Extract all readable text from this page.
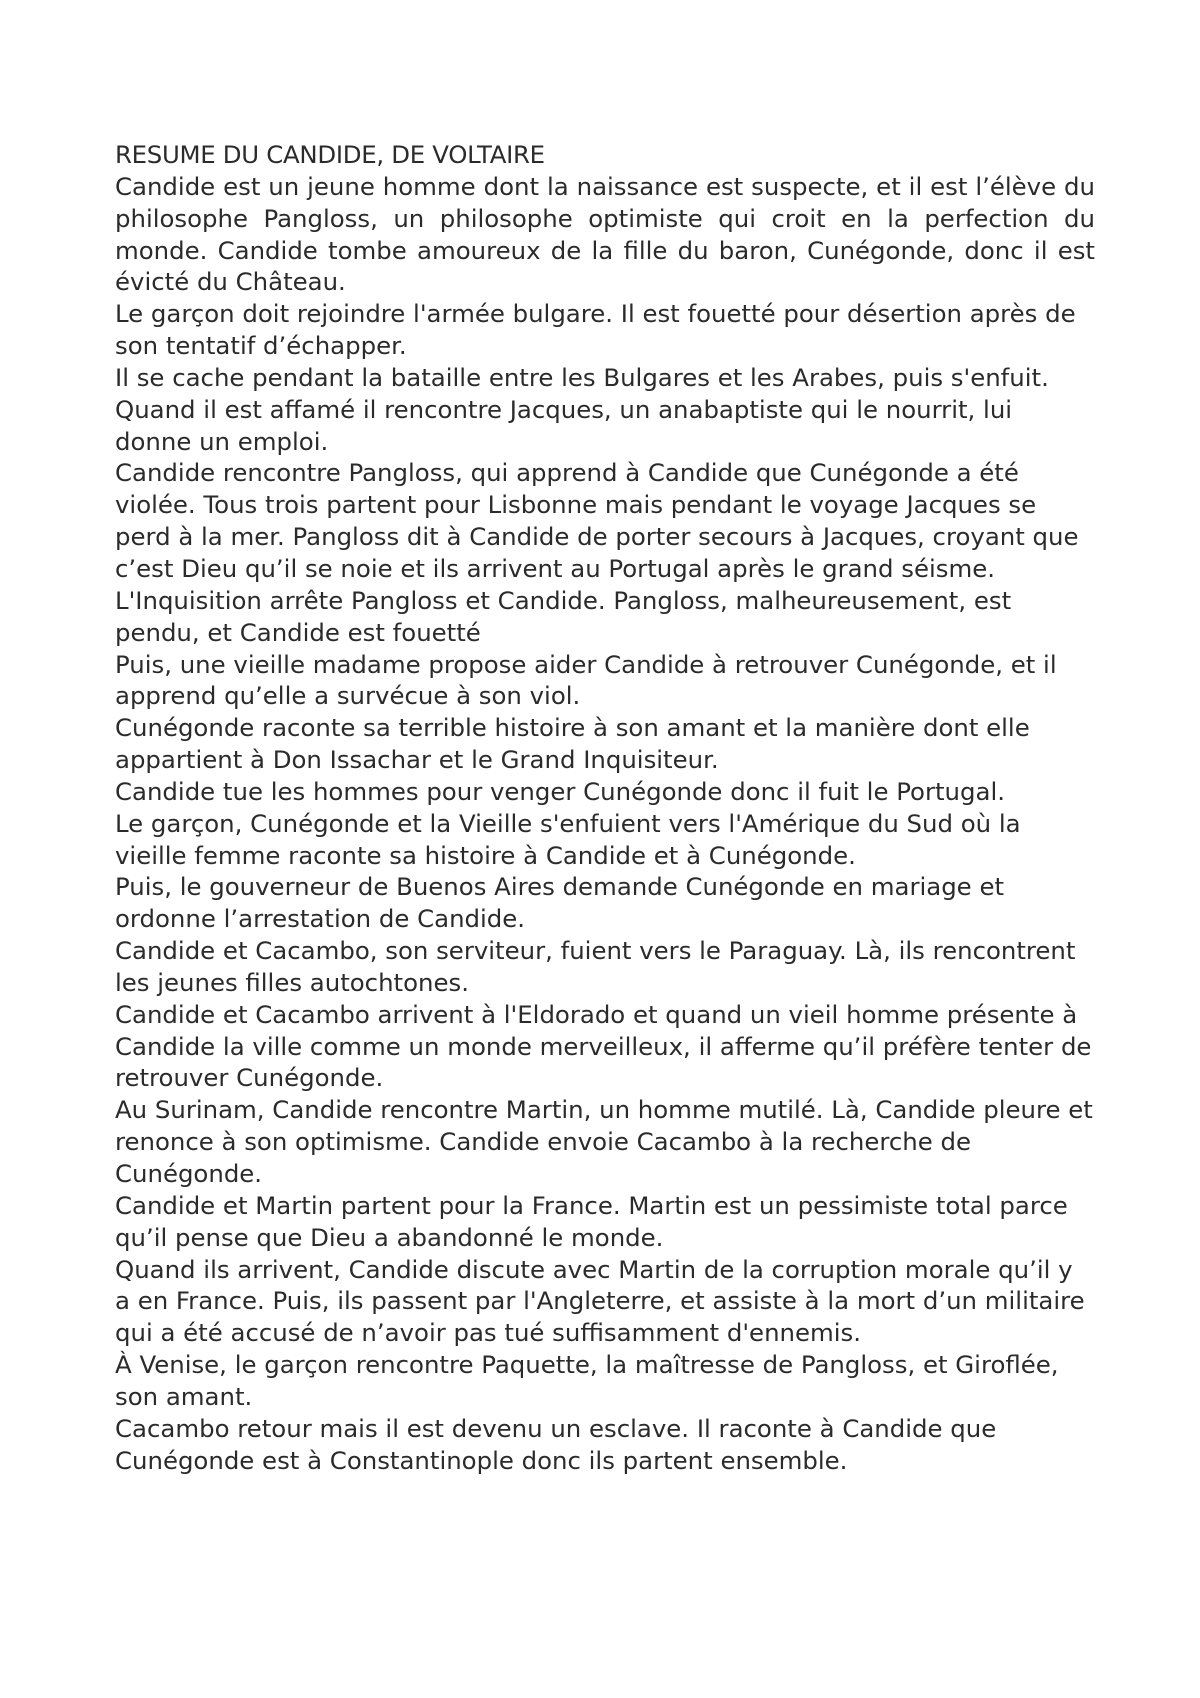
RESUME DU CANDIDE, DE VOLTAIRE

Candide est un jeune homme dont la naissance est suspecte, et il est l’élève du philosophe Pangloss, un philosophe optimiste qui croit en la perfection du monde. Candide tombe amoureux de la fille du baron, Cunégonde, donc il est évicté du Château.

Le garçon doit rejoindre l'armée bulgare. Il est fouetté pour désertion après de son tentatif d’échapper.

Il se cache pendant la bataille entre les Bulgares et les Arabes, puis s'enfuit. Quand il est affamé il rencontre Jacques, un anabaptiste qui le nourrit, lui donne un emploi.

Candide rencontre Pangloss, qui apprend à Candide que Cunégonde a été violée. Tous trois partent pour Lisbonne mais pendant le voyage Jacques se perd à la mer. Pangloss dit à Candide de porter secours à Jacques, croyant que c’est Dieu qu’il se noie et ils arrivent au Portugal après le grand séisme.

L'Inquisition arrête Pangloss et Candide. Pangloss, malheureusement, est pendu, et Candide est fouetté

Puis, une vieille madame propose aider Candide à retrouver Cunégonde, et il apprend qu’elle a survécue à son viol.

Cunégonde raconte sa terrible histoire à son amant et la manière dont elle appartient à Don Issachar et le Grand Inquisiteur.

Candide tue les hommes pour venger Cunégonde donc il fuit le Portugal.

Le garçon, Cunégonde et la Vieille s'enfuient vers l'Amérique du Sud où la vieille femme raconte sa histoire à Candide et à Cunégonde.

Puis, le gouverneur de Buenos Aires demande Cunégonde en mariage et ordonne l’arrestation de Candide.

Candide et Cacambo, son serviteur, fuient vers le Paraguay. Là, ils rencontrent les jeunes filles autochtones.

Candide et Cacambo arrivent à l'Eldorado et quand un vieil homme présente à Candide la ville comme un monde merveilleux, il afferme qu’il préfère tenter de retrouver Cunégonde.

Au Surinam, Candide rencontre Martin, un homme mutilé. Là, Candide pleure et renonce à son optimisme. Candide envoie Cacambo à la recherche de Cunégonde.

Candide et Martin partent pour la France. Martin est un pessimiste total parce qu’il pense que Dieu a abandonné le monde.

Quand ils arrivent, Candide discute avec Martin de la corruption morale qu’il y a en France. Puis, ils passent par l'Angleterre, et assiste à la mort d’un militaire qui a été accusé de n’avoir pas tué suffisamment d'ennemis.

À Venise, le garçon rencontre Paquette, la maîtresse de Pangloss, et Giroflée, son amant.

Cacambo retour mais il est devenu un esclave. Il raconte à Candide que Cunégonde est à Constantinople donc ils partent ensemble.
